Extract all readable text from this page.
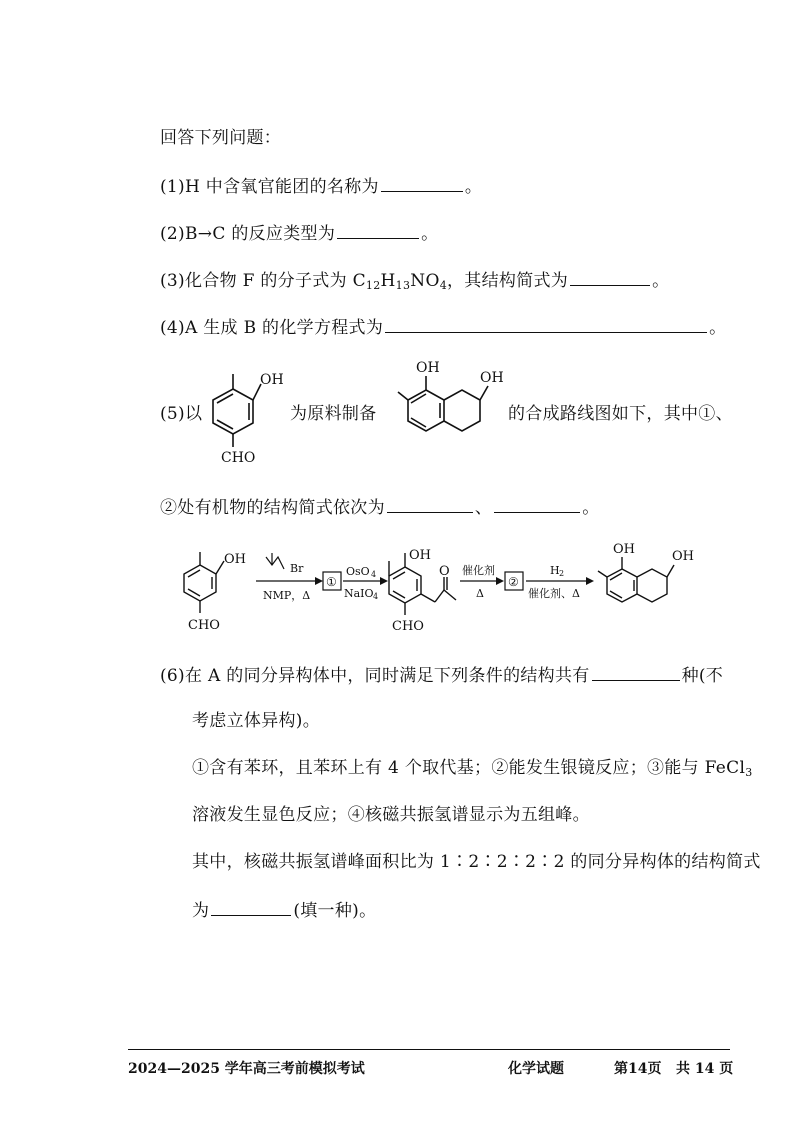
回答下列问题：
(1)H 中含氧官能团的名称为	。
(2)B→C 的反应类型为	。
(3)化合物 F 的分子式为 $C_{12}H_{13}NO_4$，其结构简式为	。
(4)A 生成 B 的化学方程式为	。
(5)以
OH
CHO
为原料制备
OH
OH
的合成路线图如下，其中①、
②处有机物的结构简式依次为	、	。
OH
CHO
Br
NMP，Δ
①
OsO 4
NaIO 4
OH
O
CHO
催化剂
Δ
②
H 2
催化剂、Δ
OH	OH
(6)在 A 的同分异构体中，同时满足下列条件的结构共有	种(不
考虑立体异构)。
①含有苯环，且苯环上有 4 个取代基；②能发生银镜反应；③能与 FeCl$_3$
溶液发生显色反应；④核磁共振氢谱显示为五组峰。
其中，核磁共振氢谱峰面积比为 1∶2∶2∶2∶2 的同分异构体的结构简式
为	(填一种)。
2024—2025 学年高三考前模拟考试	化学试题	第14页 共 14 页
